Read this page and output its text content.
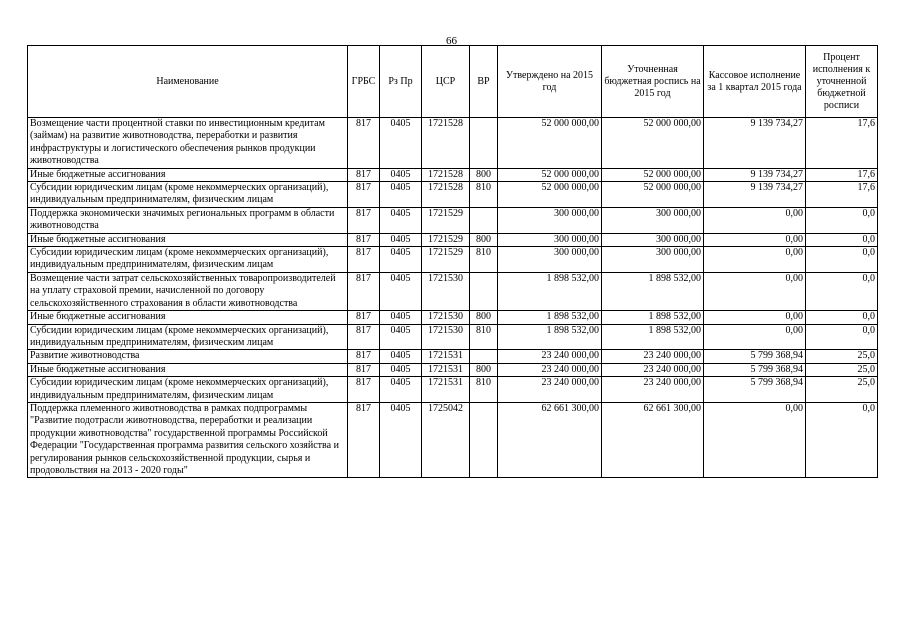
66
Наименование	ГРБС	Рз Пр	ЦСР	ВР	Утверждено на 2015 год	Уточненная бюджетная роспись на 2015 год	Кассовое исполнение за 1 квартал 2015 года	Процент исполнения к уточненной бюджетной росписи
Возмещение части процентной ставки по инвестиционным кредитам (займам) на развитие животноводства, переработки и развития инфраструктуры и логистического обеспечения рынков продукции животноводства	817	0405	1721528		52 000 000,00	52 000 000,00	9 139 734,27	17,6
Иные бюджетные ассигнования	817	0405	1721528	800	52 000 000,00	52 000 000,00	9 139 734,27	17,6
Субсидии юридическим лицам (кроме некоммерческих организаций), индивидуальным предпринимателям, физическим лицам	817	0405	1721528	810	52 000 000,00	52 000 000,00	9 139 734,27	17,6
Поддержка экономически значимых региональных программ в области животноводства	817	0405	1721529		300 000,00	300 000,00	0,00	0,0
Иные бюджетные ассигнования	817	0405	1721529	800	300 000,00	300 000,00	0,00	0,0
Субсидии юридическим лицам (кроме некоммерческих организаций), индивидуальным предпринимателям, физическим лицам	817	0405	1721529	810	300 000,00	300 000,00	0,00	0,0
Возмещение части затрат сельскохозяйственных товаропроизводителей на уплату страховой премии, начисленной по договору сельскохозяйственного страхования в области животноводства	817	0405	1721530		1 898 532,00	1 898 532,00	0,00	0,0
Иные бюджетные ассигнования	817	0405	1721530	800	1 898 532,00	1 898 532,00	0,00	0,0
Субсидии юридическим лицам (кроме некоммерческих организаций), индивидуальным предпринимателям, физическим лицам	817	0405	1721530	810	1 898 532,00	1 898 532,00	0,00	0,0
Развитие животноводства	817	0405	1721531		23 240 000,00	23 240 000,00	5 799 368,94	25,0
Иные бюджетные ассигнования	817	0405	1721531	800	23 240 000,00	23 240 000,00	5 799 368,94	25,0
Субсидии юридическим лицам (кроме некоммерческих организаций), индивидуальным предпринимателям, физическим лицам	817	0405	1721531	810	23 240 000,00	23 240 000,00	5 799 368,94	25,0
Поддержка племенного животноводства в рамках подпрограммы "Развитие подотрасли животноводства, переработки и реализации продукции животноводства" государственной программы Российской Федерации "Государственная программа развития сельского хозяйства и регулирования рынков сельскохозяйственной продукции, сырья и продовольствия на 2013 - 2020 годы"	817	0405	1725042		62 661 300,00	62 661 300,00	0,00	0,0
